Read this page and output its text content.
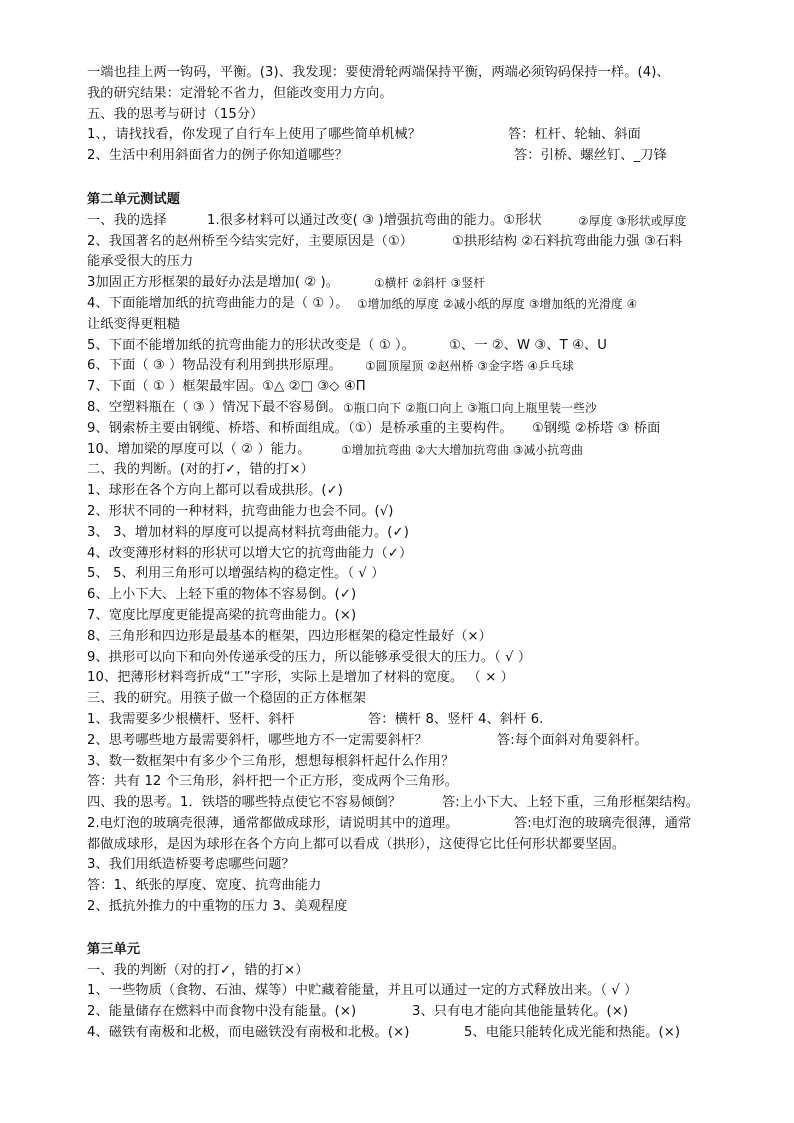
一端也挂上两一钩码，平衡。(3)、我发现：要使滑轮两端保持平衡，两端必须钩码保持一样。(4)、
我的研究结果：定滑轮不省力，但能改变用力方向。
五、我的思考与研讨（15分）
1、，请找找看，你发现了自行车上使用了哪些简单机械？	答：杠杆、轮轴、斜面
2、生活中利用斜面省力的例子你知道哪些？	答：引桥、螺丝钉、_刀锋
第二单元测试题
一、我的选择	1.很多材料可以通过改变( ③ )增强抗弯曲的能力。①形状	②厚度 ③形状或厚度
2、我国著名的赵州桥至今结实完好，主要原因是（①）	①拱形结构 ②石料抗弯曲能力强 ③石料
能承受很大的压力
3加固正方形框架的最好办法是增加( ② )。	①横杆 ②斜杆 ③竖杆
4、下面能增加纸的抗弯曲能力的是（ ① ）。 ①增加纸的厚度 ②减小纸的厚度 ③增加纸的光滑度 ④
让纸变得更粗糙
5、下面不能增加纸的抗弯曲能力的形状改变是（ ① ）。	①、一 ②、W ③、T ④、U
6、下面（ ③ ）物品没有利用到拱形原理。 ①圆顶屋顶 ②赵州桥 ③金字塔 ④乒乓球
7、下面（ ① ）框架最牢固。①△ ②□ ③◇ ④Π
8、空塑料瓶在（ ③ ）情况下最不容易倒。 ①瓶口向下 ②瓶口向上 ③瓶口向上瓶里装一些沙
9、钢索桥主要由钢缆、桥塔、和桥面组成。（①）是桥承重的主要构件。 ①钢缆 ②桥塔 ③ 桥面
10、增加梁的厚度可以（ ② ）能力。	①增加抗弯曲 ②大大增加抗弯曲 ③减小抗弯曲
二、我的判断。(对的打✓，错的打×）
1、球形在各个方向上都可以看成拱形。(✓)
2、形状不同的一种材料，抗弯曲能力也会不同。(√)
3、 3、增加材料的厚度可以提高材料抗弯曲能力。(✓)
4、改变薄形材料的形状可以增大它的抗弯曲能力（✓）
5、 5、利用三角形可以增强结构的稳定性。（ √ ）
6、上小下大、上轻下重的物体不容易倒。(✓)
7、宽度比厚度更能提高梁的抗弯曲能力。(×)
8、三角形和四边形是最基本的框架，四边形框架的稳定性最好（×）
9、拱形可以向下和向外传递承受的压力，所以能够承受很大的压力。（ √ ）
10、把薄形材料弯折成“工”字形，实际上是增加了材料的宽度。 （ × ）
三、我的研究。用筷子做一个稳固的正方体框架
1、我需要多少根横杆、竖杆、斜杆	答：横杆 8、竖杆 4、斜杆 6.
2、思考哪些地方最需要斜杆，哪些地方不一定需要斜杆？	答:每个面斜对角要斜杆。
3、数一数框架中有多少个三角形，想想每根斜杆起什么作用？
答：共有 12 个三角形，斜杆把一个正方形，变成两个三角形。
四、我的思考。1．铁塔的哪些特点使它不容易倾倒？	答:上小下大、上轻下重，三角形框架结构。
2.电灯泡的玻璃壳很薄，通常都做成球形，请说明其中的道理。	答:电灯泡的玻璃壳很薄，通常
都做成球形，是因为球形在各个方向上都可以看成（拱形），这使得它比任何形状都要坚固。
3、我们用纸造桥要考虑哪些问题？
答：1、纸张的厚度、宽度、抗弯曲能力
2、抵抗外推力的中重物的压力 3、美观程度
第三单元
一、我的判断（对的打✓，错的打×）
1、一些物质（食物、石油、煤等）中贮藏着能量，并且可以通过一定的方式释放出来。（ √ ）
2、能量储存在燃料中而食物中没有能量。(×)	3、只有电才能向其他能量转化。(×)
4、磁铁有南极和北极，而电磁铁没有南极和北极。(×)	5、电能只能转化成光能和热能。(×)
